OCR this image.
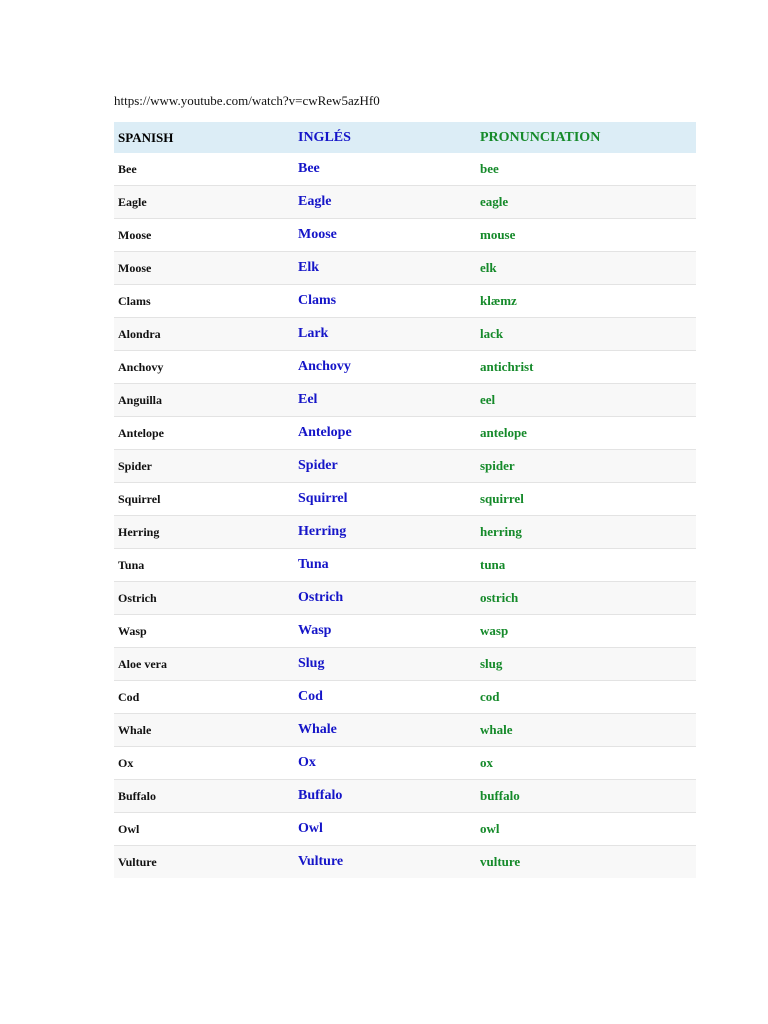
https://www.youtube.com/watch?v=cwRew5azHf0
SPANISH	INGLÉS	PRONUNCIATION
Bee	Bee	bee
Eagle	Eagle	eagle
Moose	Moose	mouse
Moose	Elk	elk
Clams	Clams	klæmz
Alondra	Lark	lack
Anchovy	Anchovy	antichrist
Anguilla	Eel	eel
Antelope	Antelope	antelope
Spider	Spider	spider
Squirrel	Squirrel	squirrel
Herring	Herring	herring
Tuna	Tuna	tuna
Ostrich	Ostrich	ostrich
Wasp	Wasp	wasp
Aloe vera	Slug	slug
Cod	Cod	cod
Whale	Whale	whale
Ox	Ox	ox
Buffalo	Buffalo	buffalo
Owl	Owl	owl
Vulture	Vulture	vulture
